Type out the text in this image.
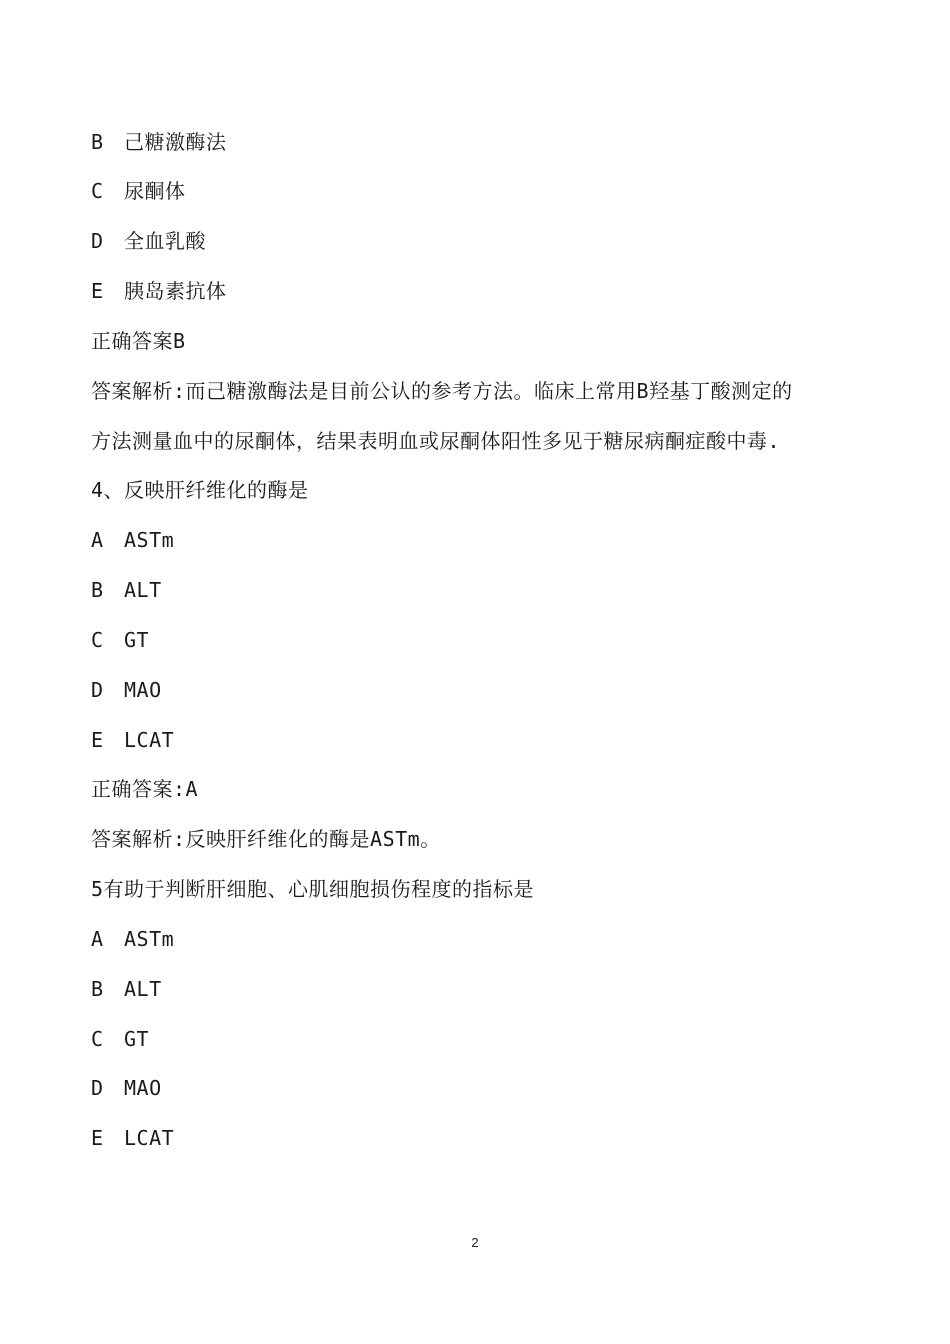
B 己糖激酶法
C 尿酮体
D 全血乳酸
E 胰岛素抗体
正确答案B
答案解析:而己糖激酶法是目前公认的参考方法。临床上常用B羟基丁酸测定的
方法测量血中的尿酮体，结果表明血或尿酮体阳性多见于糖尿病酮症酸中毒.
4、反映肝纤维化的酶是
A ASTm
B ALT
C GT
D MAO
E LCAT
正确答案:A
答案解析:反映肝纤维化的酶是ASTm。
5有助于判断肝细胞、心肌细胞损伤程度的指标是
A ASTm
B ALT
C GT
D MAO
E LCAT
2
